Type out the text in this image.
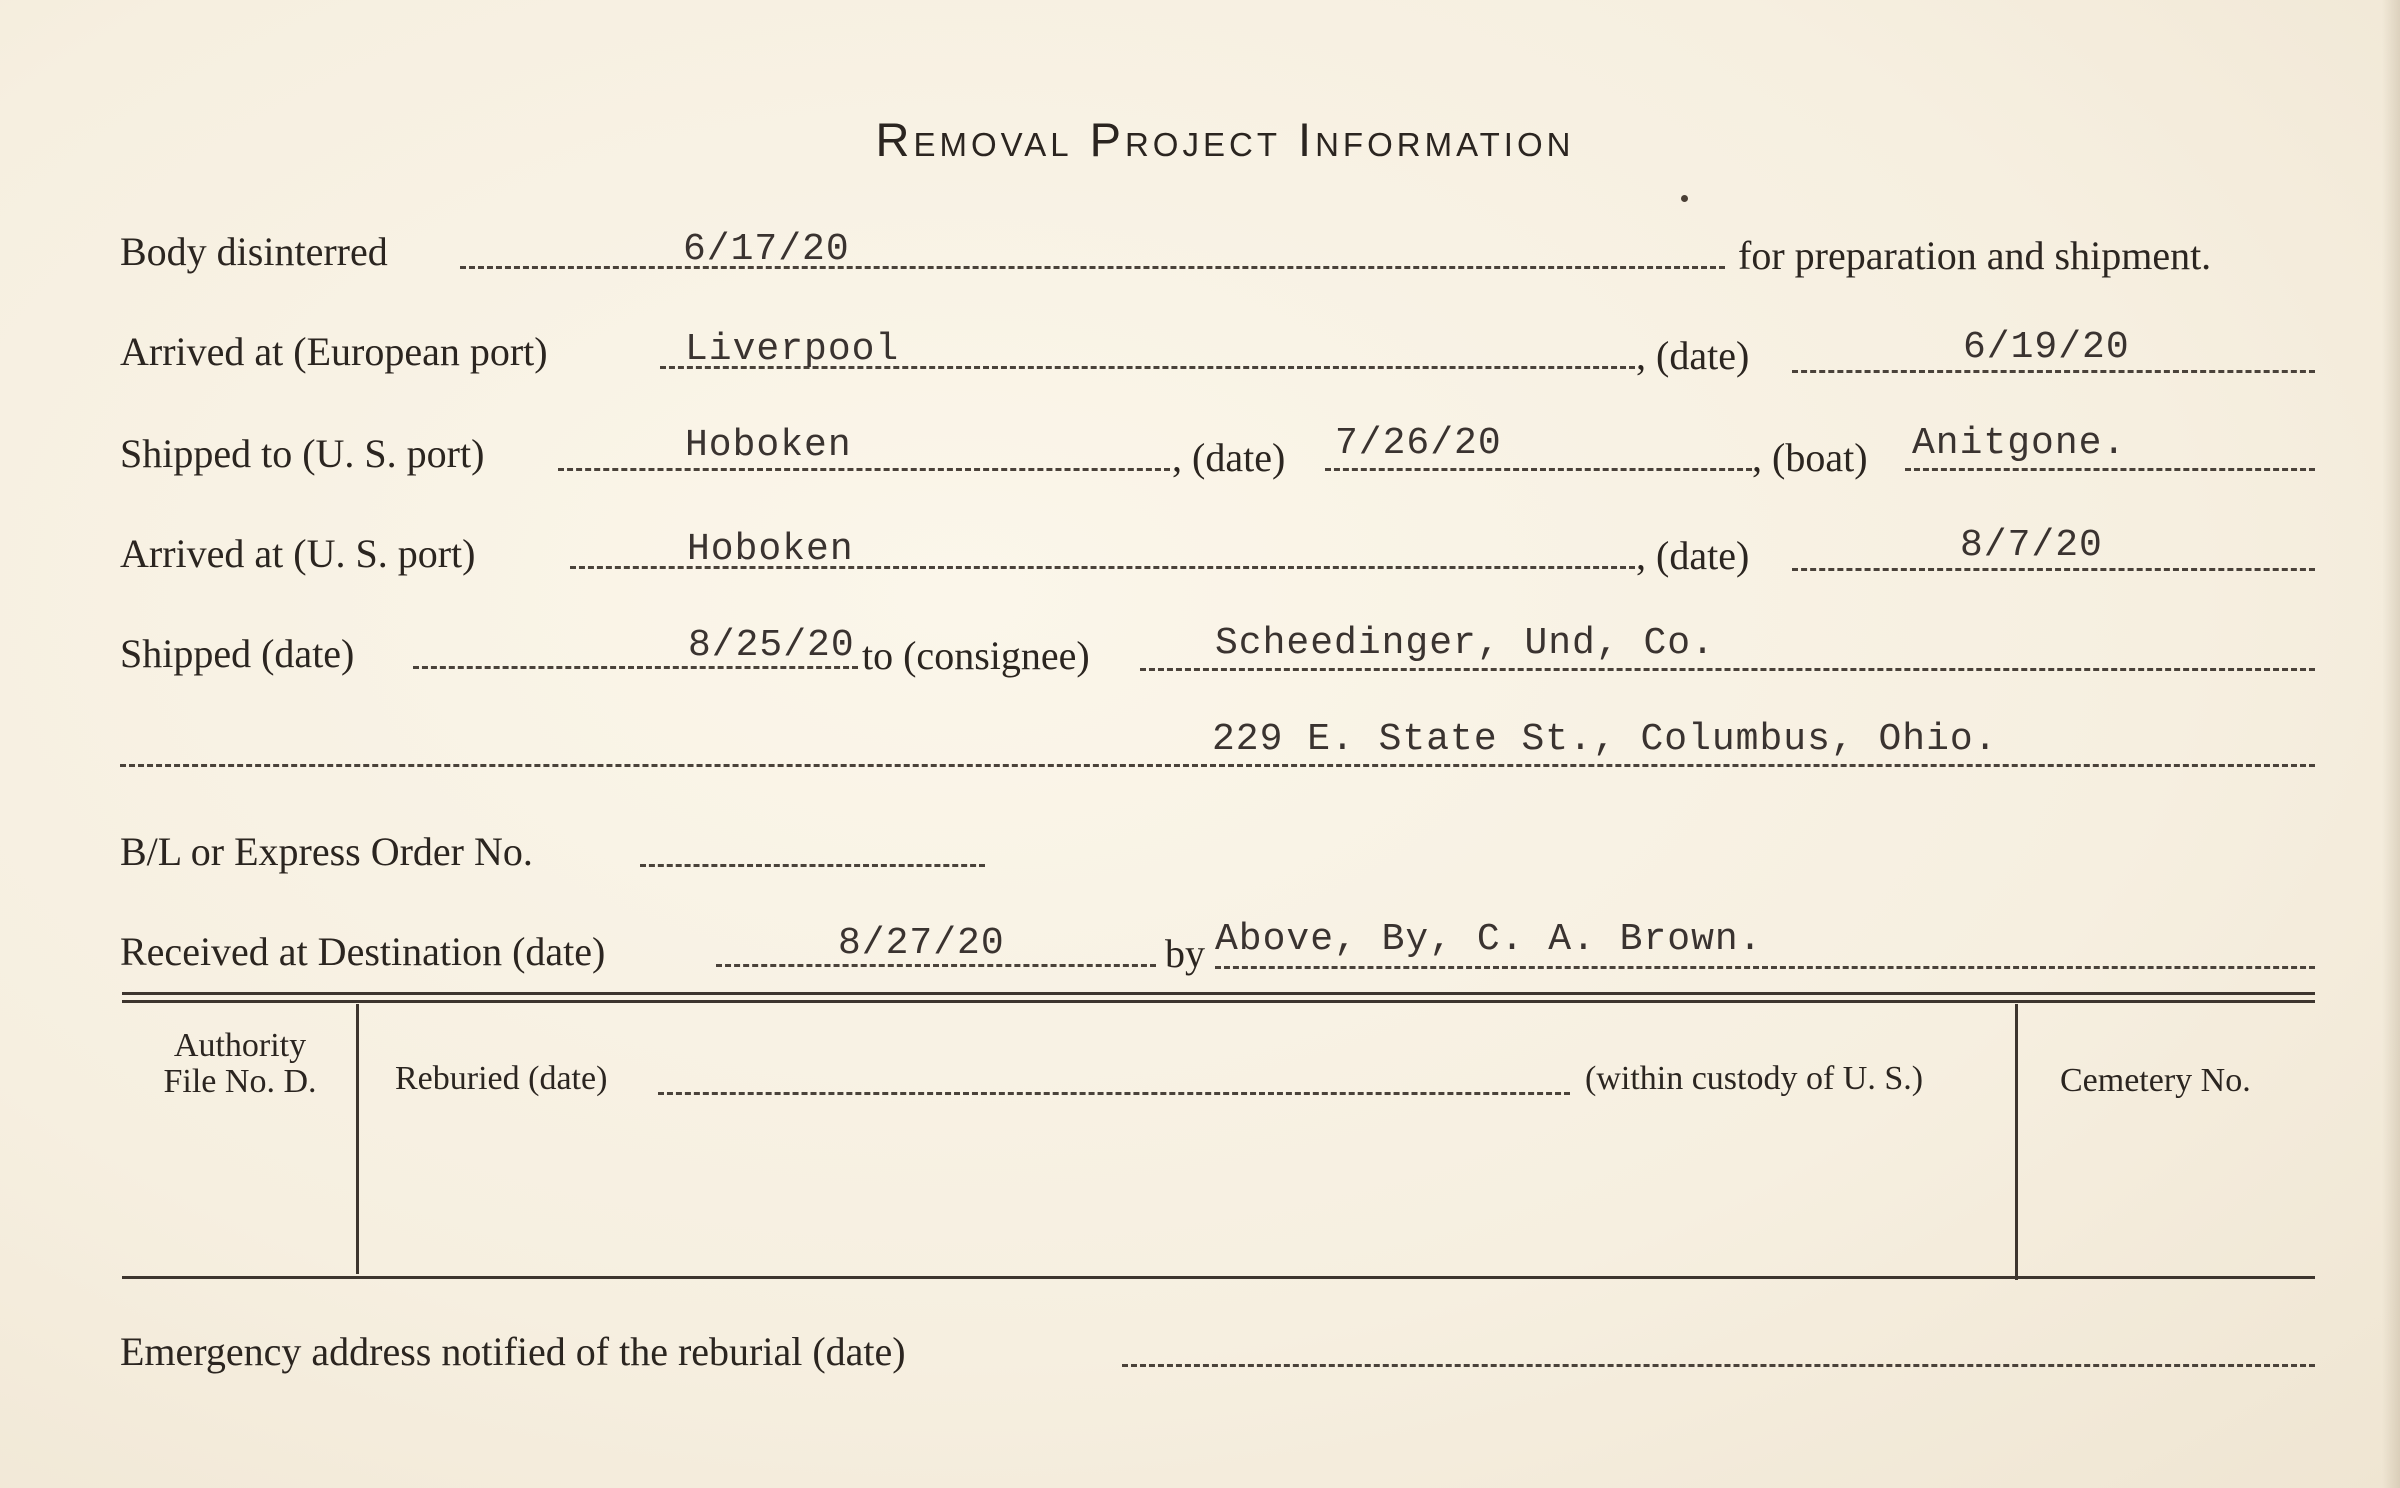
Removal Project Information
Body disinterred	6/17/20	for preparation and shipment.
Arrived at (European port)	Liverpool	, (date)	6/19/20
Shipped to (U. S. port)	Hoboken	, (date) 7/26/20	, (boat) Anitgone.
Arrived at (U. S. port)	Hoboken	, (date)	8/7/20
Shipped (date)	8/25/20 to (consignee)	Scheedinger, Und, Co.
229 E. State St., Columbus, Ohio.
B/L or Express Order No.
Received at Destination (date)	8/27/20	by Above, By, C. A. Brown.
Authority
File No. D.	Reburied (date)	(within custody of U. S.)	Cemetery No.
Emergency address notified of the reburial (date)
